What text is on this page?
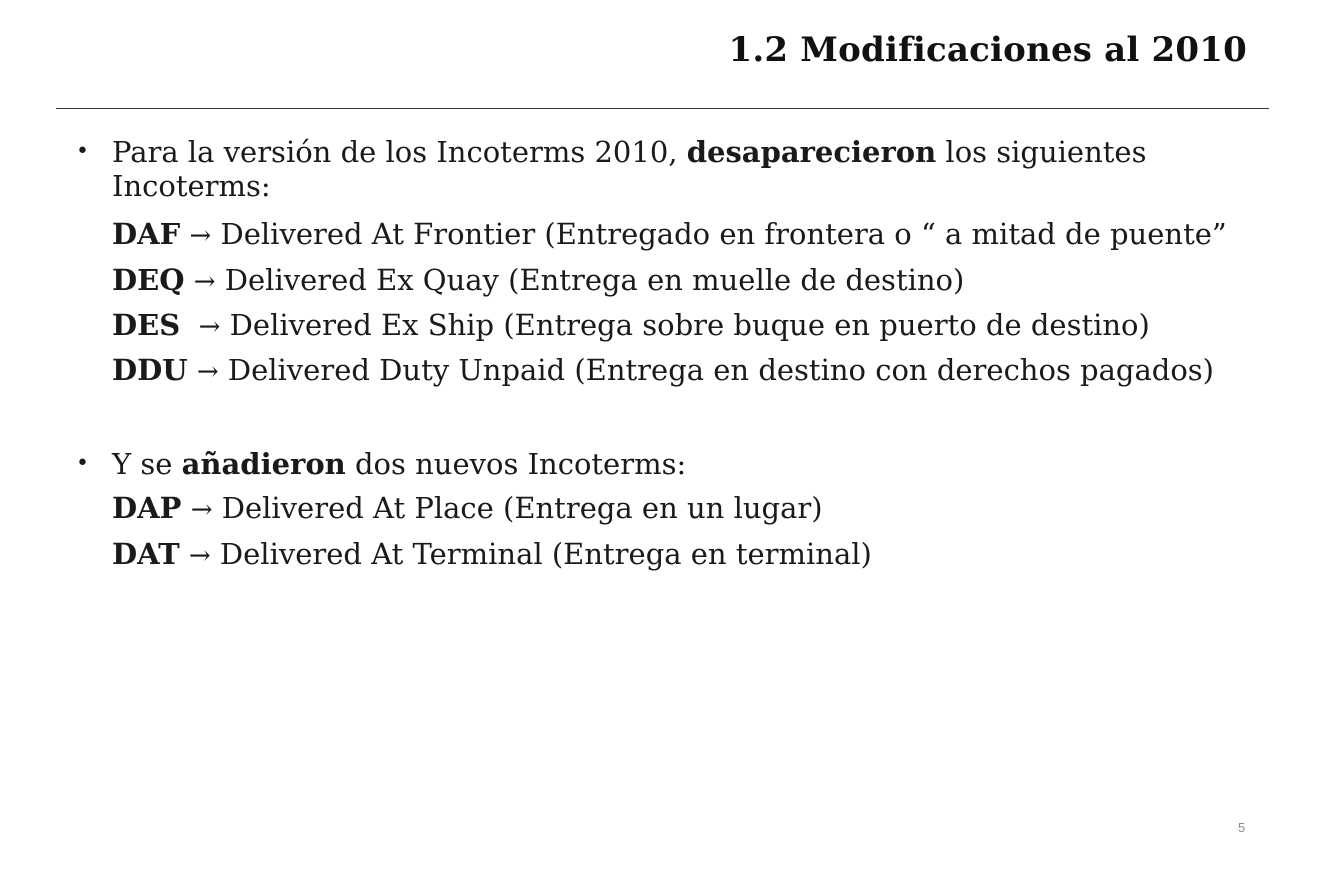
1.2 Modificaciones al 2010
• Para la versión de los Incoterms 2010, desaparecieron los siguientes
Incoterms:
DAF → Delivered At Frontier (Entregado en frontera o “ a mitad de puente”
DEQ → Delivered Ex Quay (Entrega en muelle de destino)
DES → Delivered Ex Ship (Entrega sobre buque en puerto de destino)
DDU → Delivered Duty Unpaid (Entrega en destino con derechos pagados)
• Y se añadieron dos nuevos Incoterms:
DAP → Delivered At Place (Entrega en un lugar)
DAT → Delivered At Terminal (Entrega en terminal)
5
